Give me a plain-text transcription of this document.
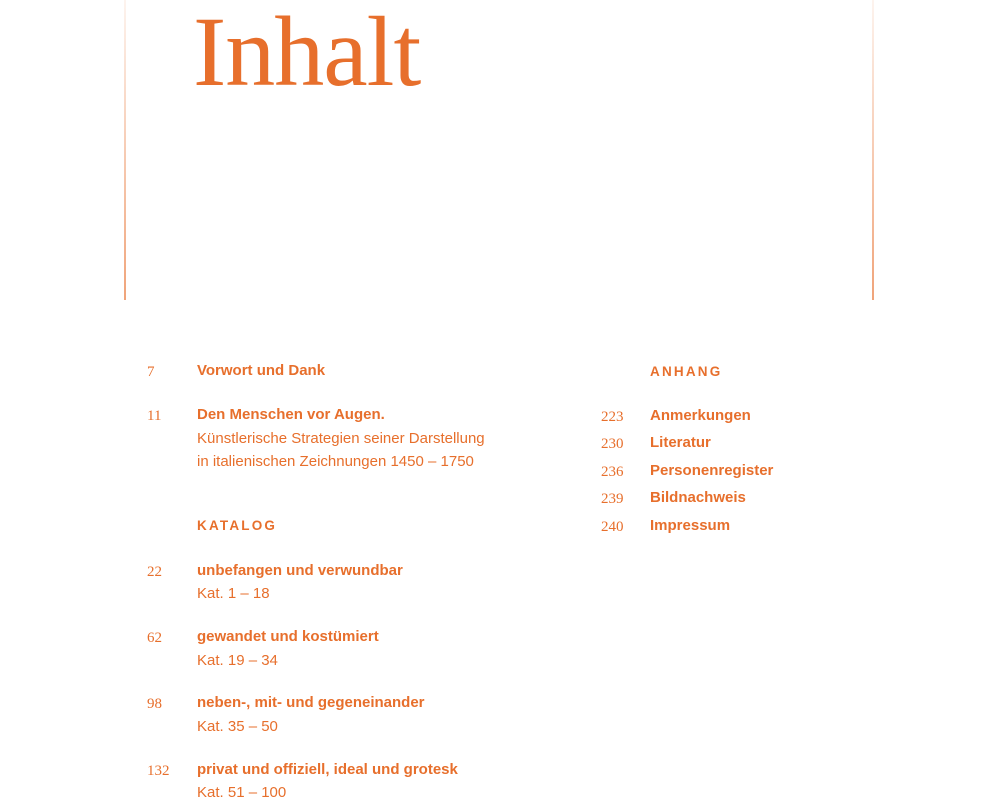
Inhalt
7	Vorwort und Dank
11 Den Menschen vor Augen.
Künstlerische Strategien seiner Darstellung
in italienischen Zeichnungen 1450 – 1750
KATALOG
22 unbefangen und verwundbar
Kat. 1 – 18
62 gewandet und kostümiert
Kat. 19 – 34
98 neben-, mit- und gegeneinander
Kat. 35 – 50
132 privat und offiziell, ideal und grotesk
Kat. 51 – 100
ANHANG
223 Anmerkungen
230 Literatur
236 Personenregister
239 Bildnachweis
240 Impressum
